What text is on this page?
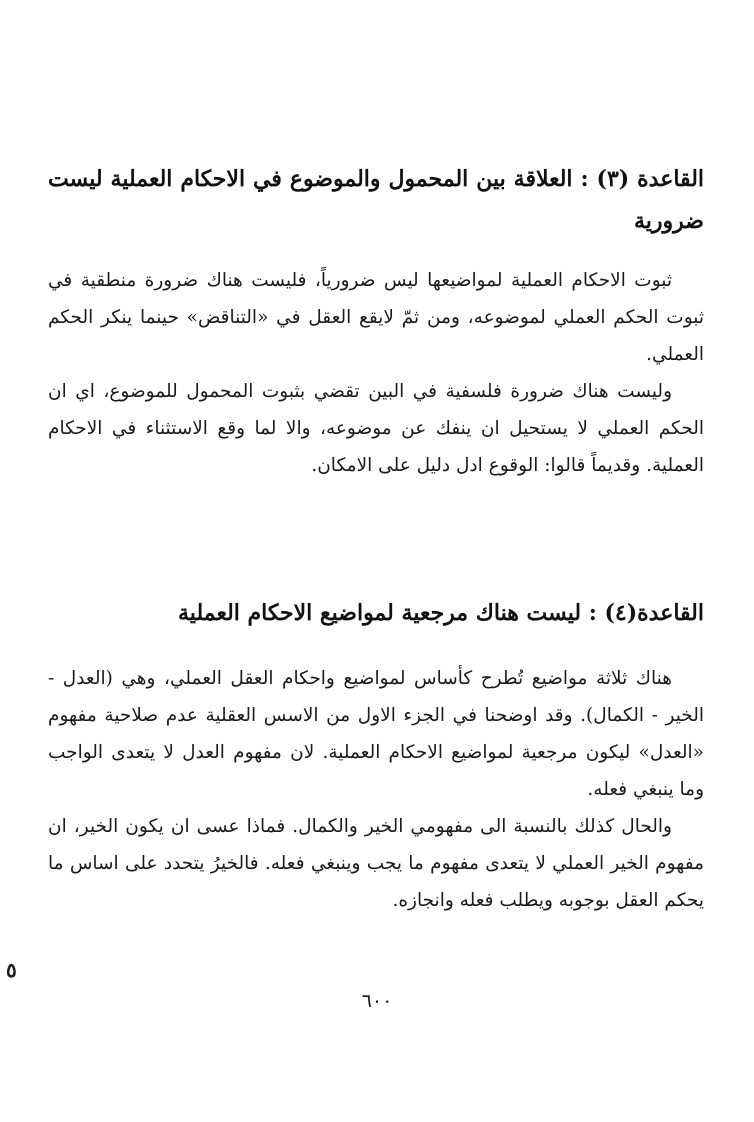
القاعدة (٣) : العلاقة بين المحمول والموضوع في الاحكام العملية ليست ضرورية

ثبوت الاحكام العملية لمواضيعها ليس ضرورياً، فليست هناك ضرورة منطقية في ثبوت الحكم العملي لموضوعه، ومن ثمّ لايقع العقل في «التناقض» حينما ينكر الحكم العملي.

وليست هناك ضرورة فلسفية في البين تقضي بثبوت المحمول للموضوع، اي ان الحكم العملي لا يستحيل ان ينفك عن موضوعه، والا لما وقع الاستثناء في الاحكام العملية. وقديماً قالوا: الوقوع ادل دليل على الامكان.

القاعدة(٤) : ليست هناك مرجعية لمواضيع الاحكام العملية

هناك ثلاثة مواضيع تُطرح كأساس لمواضيع واحكام العقل العملي، وهي (العدل - الخير - الكمال). وقد اوضحنا في الجزء الاول من الاسس العقلية عدم صلاحية مفهوم «العدل» ليكون مرجعية لمواضيع الاحكام العملية. لان مفهوم العدل لا يتعدى الواجب وما ينبغي فعله.

والحال كذلك بالنسبة الى مفهومي الخير والكمال. فماذا عسى ان يكون الخير، ان مفهوم الخير العملي لا يتعدى مفهوم ما يجب وينبغي فعله. فالخيرُ يتحدد على اساس ما يحكم العقل بوجوبه ويطلب فعله وانجازه.

٥
٦٠٠
